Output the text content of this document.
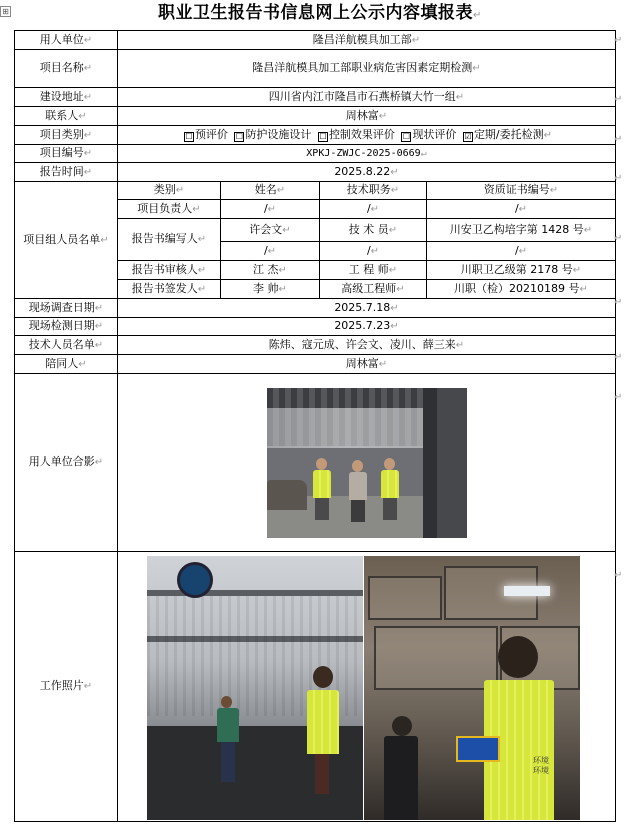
⊞	职业卫生报告书信息网上公示内容填报表↵
用人单位↵	隆昌洋航模具加工部↵			
项目名称↵	隆昌洋航模具加工部职业病危害因素定期检测↵			
建设地址↵	四川省内江市隆昌市石燕桥镇大竹一组↵			
联系人↵	周林富↵			
项目类别↵	☐ 预评价 ☐ 防护设施设计 ☐ 控制效果评价 ☐ 现状评价 ☑ 定期/委托检测↵			
项目编号↵	XPKJ-ZWJC-2025-0669↵			
报告时间↵	2025.8.22↵			
项目组人员名单↵	类别↵	姓名↵	技术职务↵	资质证书编号↵
	项目负责人↵	/↵	/↵	/↵
	报告书编写人↵	许会文↵	技 术 员↵	川安卫乙构培字第 1428 号↵
		/↵	/↵	/↵
	报告书审核人↵	江 杰↵	工 程 师↵	川职卫乙级第 2178 号↵
	报告书签发人↵	李 帅↵	高级工程师↵	川职（检）20210189 号↵
现场调查日期↵	2025.7.18↵			
现场检测日期↵	2025.7.23↵			
技术人员名单↵	陈炜、寇元成、许会文、凌川、薛三来↵			
陪同人↵	周林富↵			
用人单位合影↵				

工作照片↵	环境 环境			
↵
↵
↵
↵
↵
↵
↵
↵
↵
